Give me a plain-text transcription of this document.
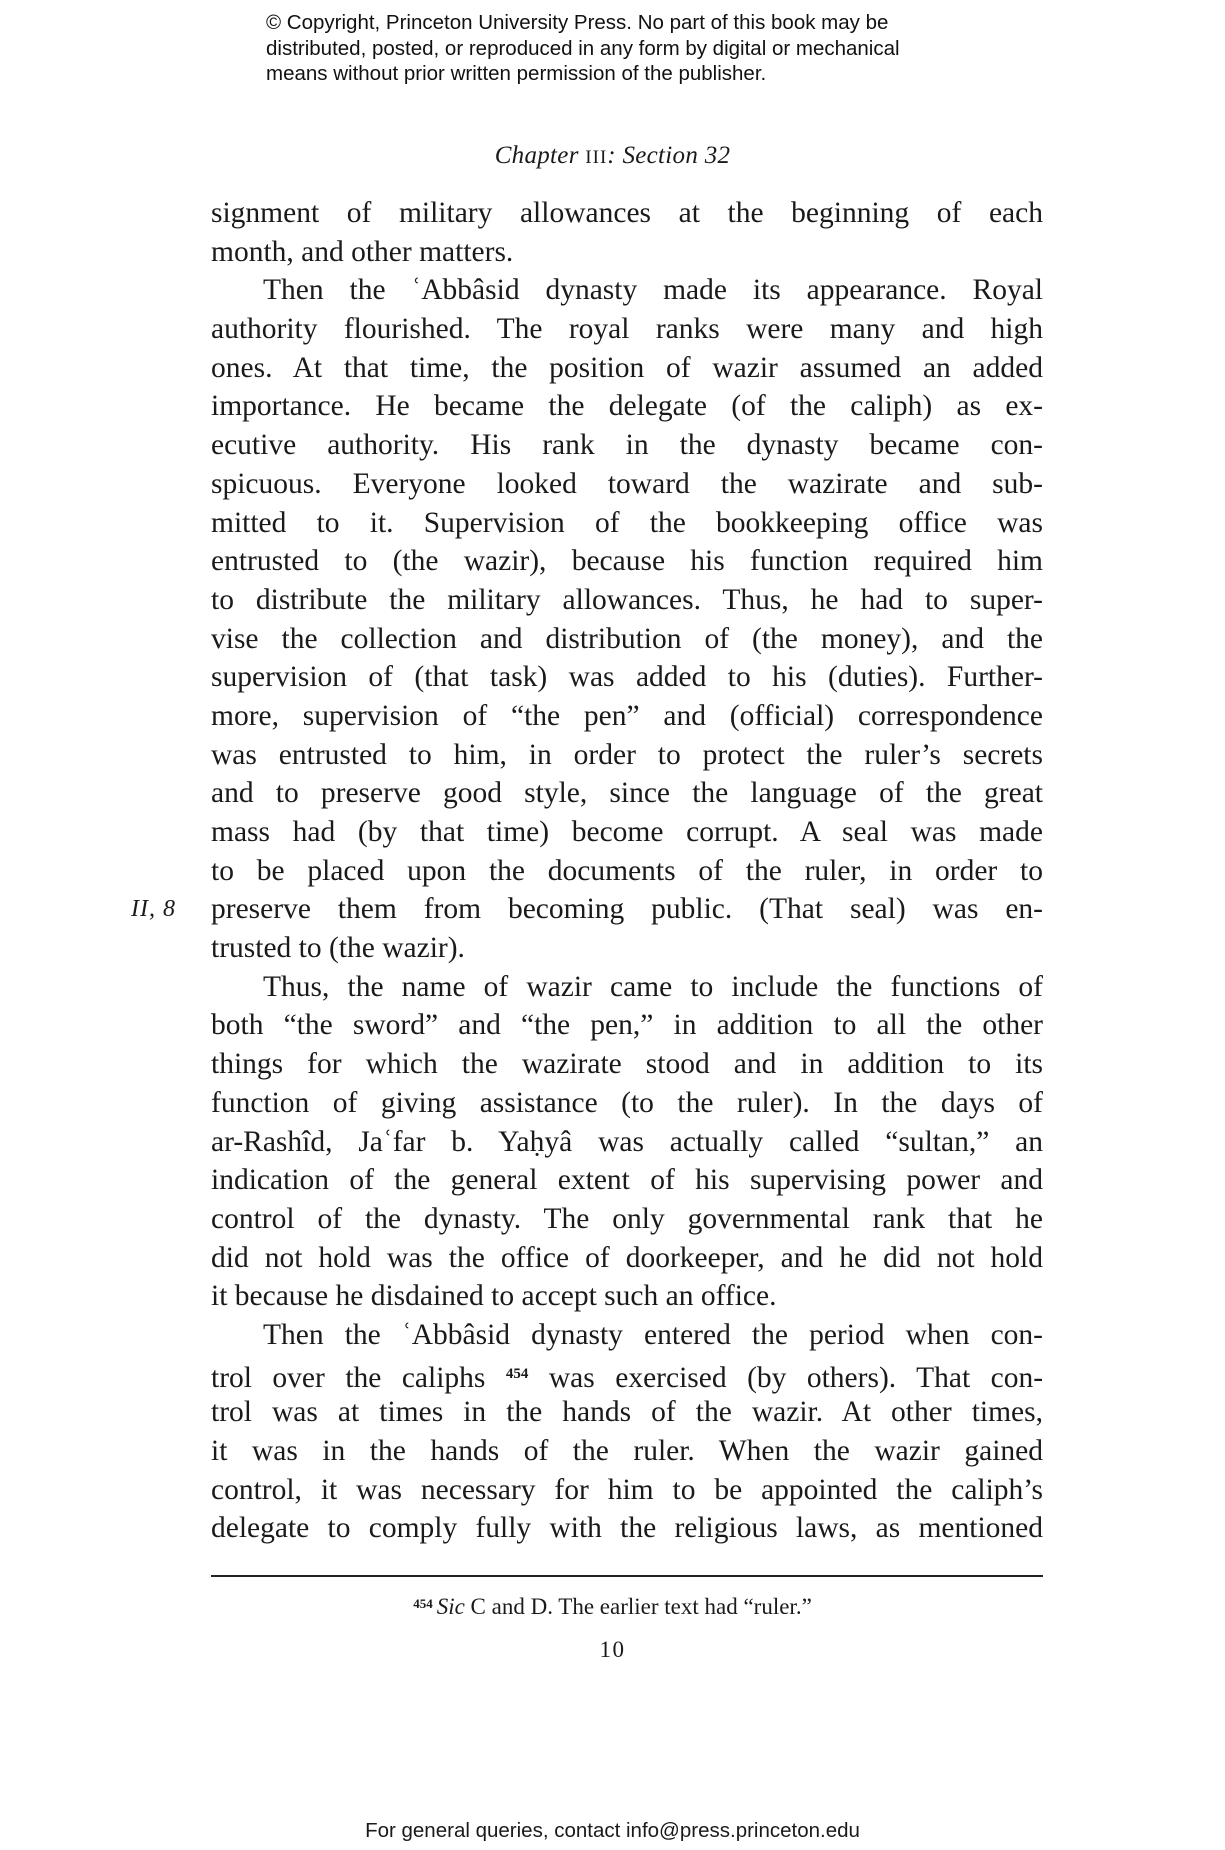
© Copyright, Princeton University Press. No part of this book may be
distributed, posted, or reproduced in any form by digital or mechanical
means without prior written permission of the publisher.
Chapter III: Section 32
II, 8
signment of military allowances at the beginning of each
month, and other matters.
Then the ʿAbbâsid dynasty made its appearance. Royal
authority flourished. The royal ranks were many and high
ones. At that time, the position of wazir assumed an added
importance. He became the delegate (of the caliph) as ex-
ecutive authority. His rank in the dynasty became con-
spicuous. Everyone looked toward the wazirate and sub-
mitted to it. Supervision of the bookkeeping office was
entrusted to (the wazir), because his function required him
to distribute the military allowances. Thus, he had to super-
vise the collection and distribution of (the money), and the
supervision of (that task) was added to his (duties). Further-
more, supervision of “the pen” and (official) correspondence
was entrusted to him, in order to protect the ruler’s secrets
and to preserve good style, since the language of the great
mass had (by that time) become corrupt. A seal was made
to be placed upon the documents of the ruler, in order to
preserve them from becoming public. (That seal) was en-
trusted to (the wazir).
Thus, the name of wazir came to include the functions of
both “the sword” and “the pen,” in addition to all the other
things for which the wazirate stood and in addition to its
function of giving assistance (to the ruler). In the days of
ar-Rashîd, Jaʿfar b. Yaḥyâ was actually called “sultan,” an
indication of the general extent of his supervising power and
control of the dynasty. The only governmental rank that he
did not hold was the office of doorkeeper, and he did not hold
it because he disdained to accept such an office.
Then the ʿAbbâsid dynasty entered the period when con-
trol over the caliphs $^{454}$ was exercised (by others). That con-
trol was at times in the hands of the wazir. At other times,
it was in the hands of the ruler. When the wazir gained
control, it was necessary for him to be appointed the caliph’s
delegate to comply fully with the religious laws, as mentioned
$^{454}$ Sic C and D. The earlier text had “ruler.”
10
For general queries, contact info@press.princeton.edu
